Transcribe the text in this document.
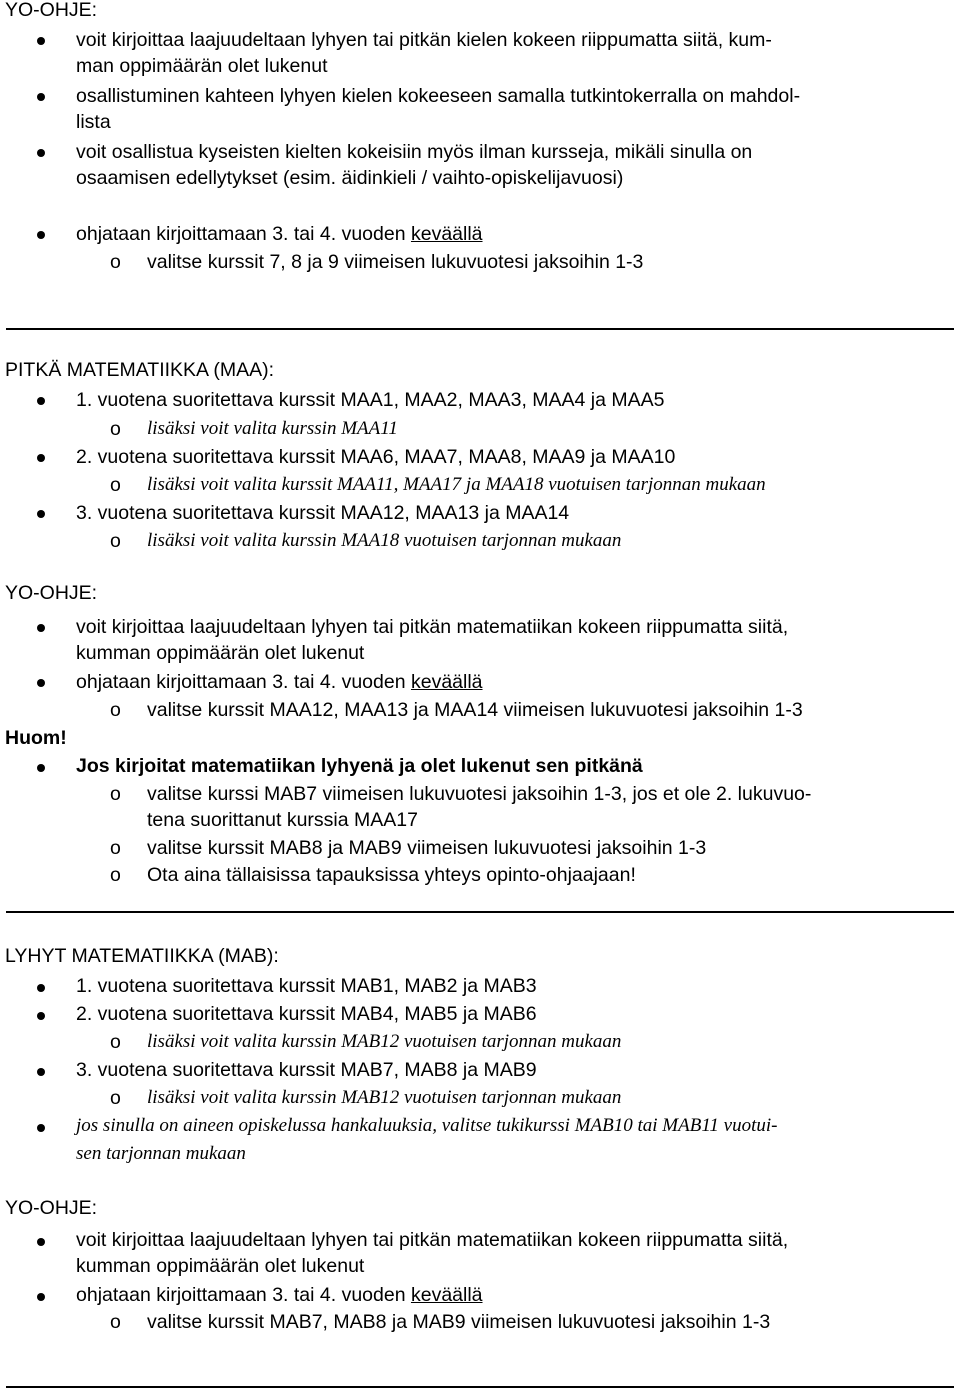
YO-OHJE:
voit kirjoittaa laajuudeltaan lyhyen tai pitkän kielen kokeen riippumatta siitä, kum-
man oppimäärän olet lukenut
osallistuminen kahteen lyhyen kielen kokeeseen samalla tutkintokerralla on mahdol-
lista
voit osallistua kyseisten kielten kokeisiin myös ilman kursseja, mikäli sinulla on
osaamisen edellytykset (esim. äidinkieli / vaihto-opiskelijavuosi)
ohjataan kirjoittamaan 3. tai 4. vuoden keväällä
o valitse kurssit 7, 8 ja 9 viimeisen lukuvuotesi jaksoihin 1-3
PITKÄ MATEMATIIKKA (MAA):
1. vuotena suoritettava kurssit MAA1, MAA2, MAA3, MAA4 ja MAA5
o lisäksi voit valita kurssin MAA11
2. vuotena suoritettava kurssit MAA6, MAA7, MAA8, MAA9 ja MAA10
o lisäksi voit valita kurssit MAA11, MAA17 ja MAA18 vuotuisen tarjonnan mukaan
3. vuotena suoritettava kurssit MAA12, MAA13 ja MAA14
o lisäksi voit valita kurssin MAA18 vuotuisen tarjonnan mukaan
YO-OHJE:
voit kirjoittaa laajuudeltaan lyhyen tai pitkän matematiikan kokeen riippumatta siitä,
kumman oppimäärän olet lukenut
ohjataan kirjoittamaan 3. tai 4. vuoden keväällä
o valitse kurssit MAA12, MAA13 ja MAA14 viimeisen lukuvuotesi jaksoihin 1-3
Huom!
Jos kirjoitat matematiikan lyhyenä ja olet lukenut sen pitkänä
o valitse kurssi MAB7 viimeisen lukuvuotesi jaksoihin 1-3, jos et ole 2. lukuvuo-
tena suorittanut kurssia MAA17
o valitse kurssit MAB8 ja MAB9 viimeisen lukuvuotesi jaksoihin 1-3
o Ota aina tällaisissa tapauksissa yhteys opinto-ohjaajaan!
LYHYT MATEMATIIKKA (MAB):
1. vuotena suoritettava kurssit MAB1, MAB2 ja MAB3
2. vuotena suoritettava kurssit MAB4, MAB5 ja MAB6
o lisäksi voit valita kurssin MAB12 vuotuisen tarjonnan mukaan
3. vuotena suoritettava kurssit MAB7, MAB8 ja MAB9
o lisäksi voit valita kurssin MAB12 vuotuisen tarjonnan mukaan
jos sinulla on aineen opiskelussa hankaluuksia, valitse tukikurssi MAB10 tai MAB11 vuotui-
sen tarjonnan mukaan
YO-OHJE:
voit kirjoittaa laajuudeltaan lyhyen tai pitkän matematiikan kokeen riippumatta siitä,
kumman oppimäärän olet lukenut
ohjataan kirjoittamaan 3. tai 4. vuoden keväällä
o valitse kurssit MAB7, MAB8 ja MAB9 viimeisen lukuvuotesi jaksoihin 1-3
